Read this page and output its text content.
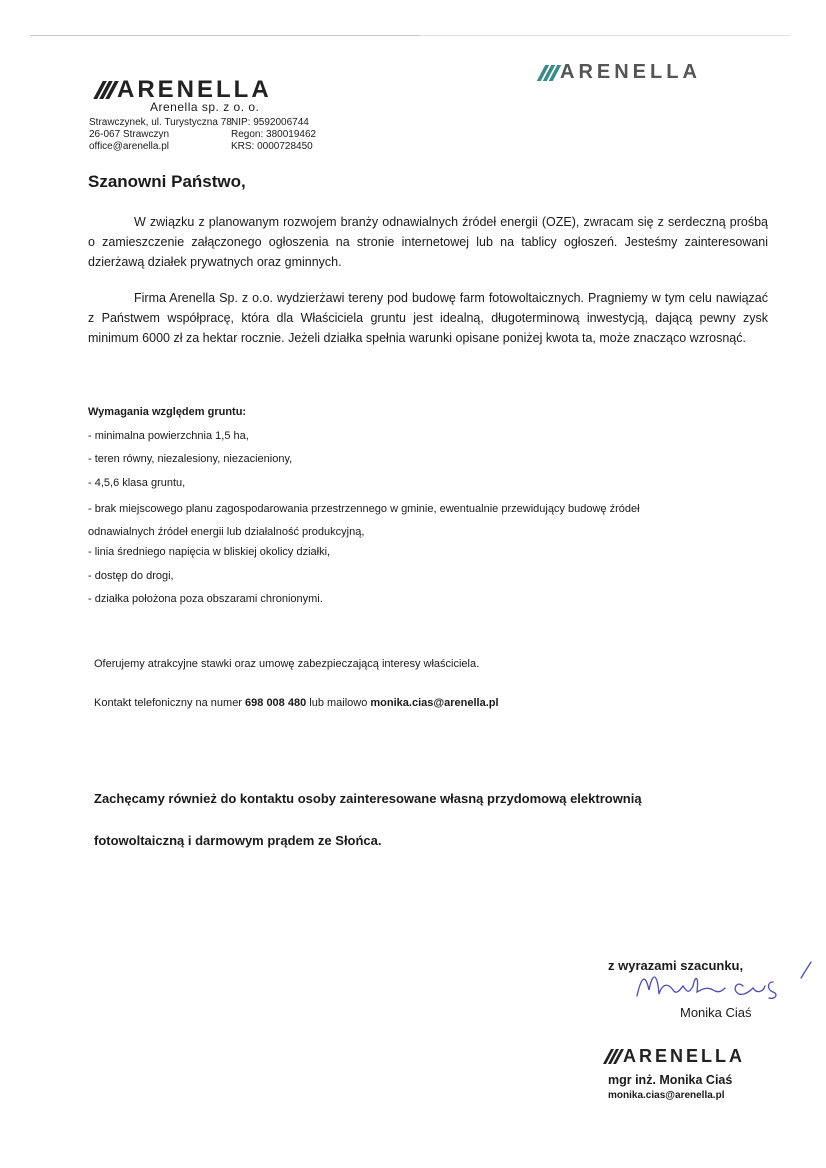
ARENELLA
ARENELLA
Arenella sp. z o. o.
Strawczynek, ul. Turystyczna 78
26-067 Strawczyn
office@arenella.pl
NIP: 9592006744
Regon: 380019462
KRS: 0000728450
Szanowni Państwo,

W związku z planowanym rozwojem branży odnawialnych źródeł energii (OZE), zwracam się z serdeczną prośbą o zamieszczenie załączonego ogłoszenia na stronie internetowej lub na tablicy ogłoszeń. Jesteśmy zainteresowani dzierżawą działek prywatnych oraz gminnych.

Firma Arenella Sp. z o.o. wydzierżawi tereny pod budowę farm fotowoltaicznych. Pragniemy w tym celu nawiązać z Państwem współpracę, która dla Właściciela gruntu jest idealną, długoterminową inwestycją, dającą pewny zysk minimum 6000 zł za hektar rocznie. Jeżeli działka spełnia warunki opisane poniżej kwota ta, może znacząco wzrosnąć.

Wymagania względem gruntu:
- minimalna powierzchnia 1,5 ha,
- teren równy, niezalesiony, niezacieniony,
- 4,5,6 klasa gruntu,
- brak miejscowego planu zagospodarowania przestrzennego w gminie, ewentualnie przewidujący budowę źródeł odnawialnych źródeł energii lub działalność produkcyjną,
- linia średniego napięcia w bliskiej okolicy działki,
- dostęp do drogi,
- działka położona poza obszarami chronionymi.
Oferujemy atrakcyjne stawki oraz umowę zabezpieczającą interesy właściciela.
Kontakt telefoniczny na numer 698 008 480 lub mailowo monika.cias@arenella.pl
Zachęcamy również do kontaktu osoby zainteresowane własną przydomową elektrownią fotowoltaiczną i darmowym prądem ze Słońca.
z wyrazami szacunku,
Monika Ciaś
ARENELLA
mgr inż. Monika Ciaś
monika.cias@arenella.pl
